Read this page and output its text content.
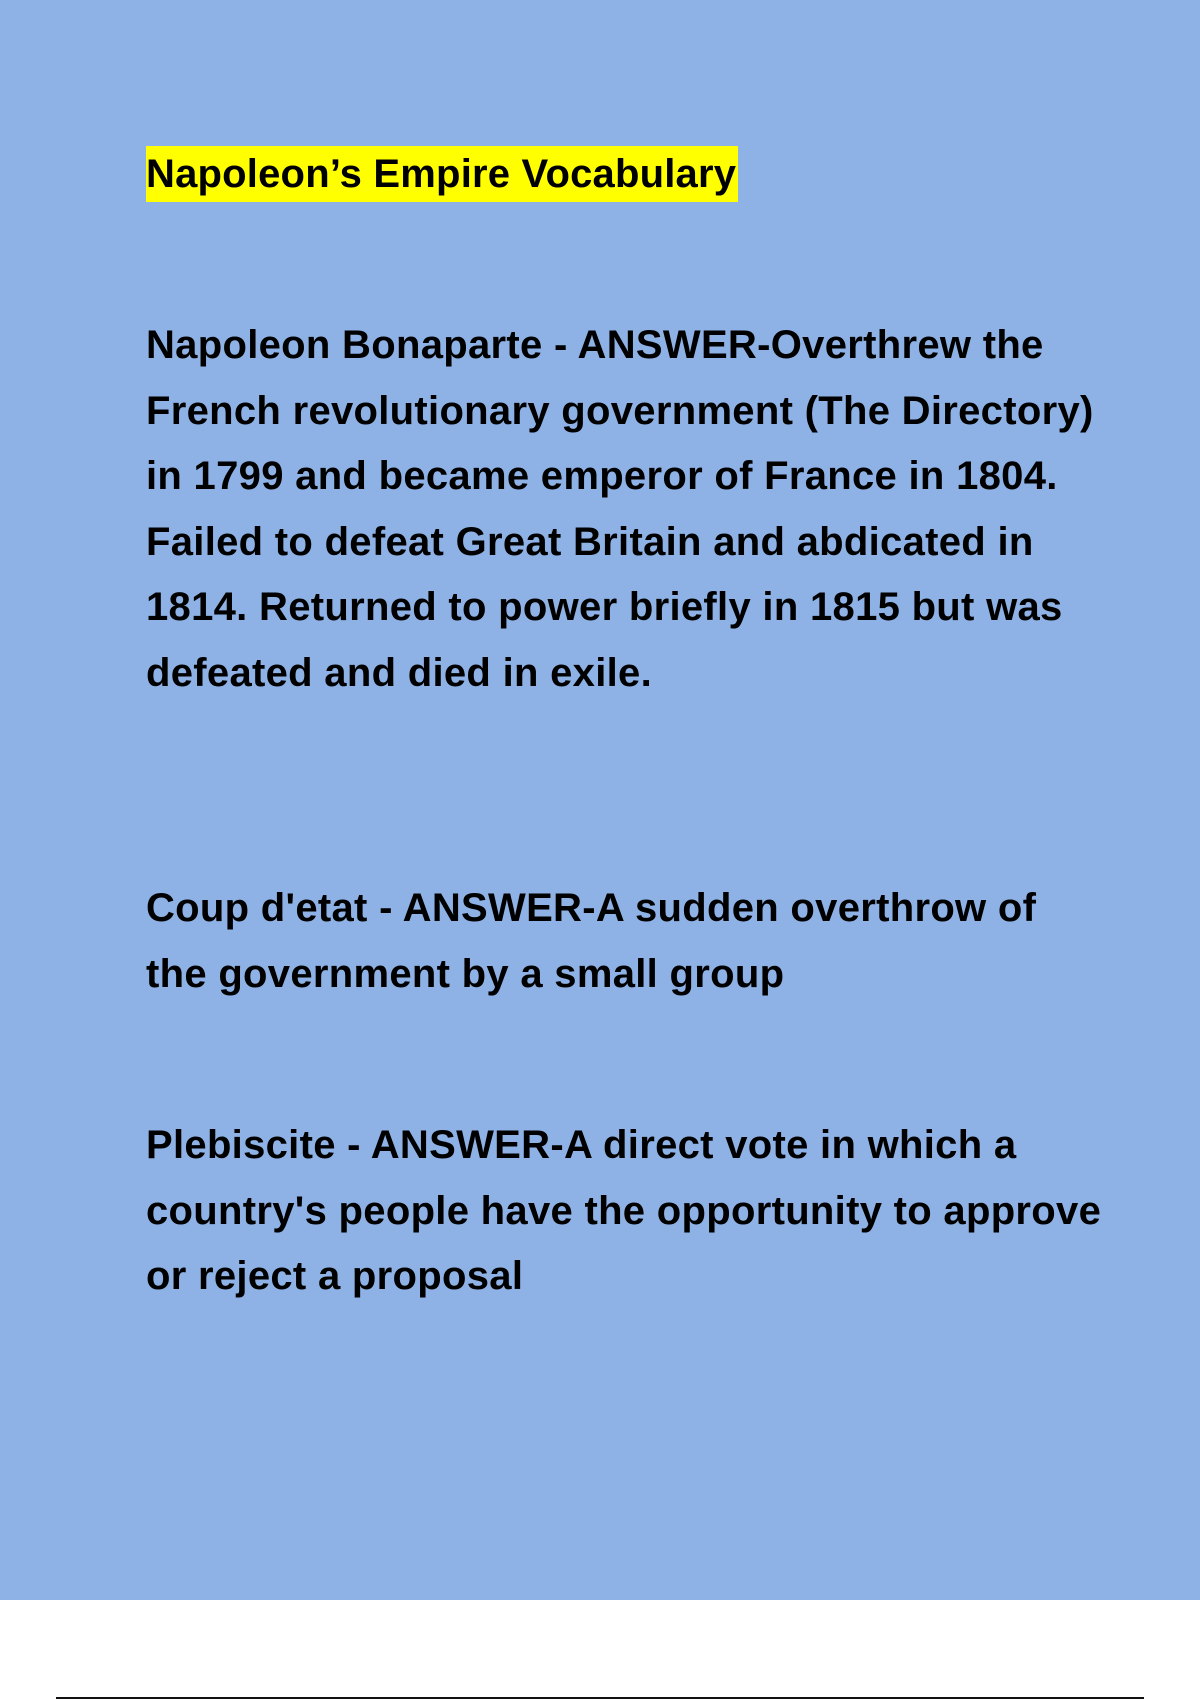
Napoleon’s Empire Vocabulary

Napoleon Bonaparte - ANSWER - Overthrew the French revolutionary government (The Directory) in 1799 and became emperor of France in 1804. Failed to defeat Great Britain and abdicated in 1814. Returned to power briefly in 1815 but was defeated and died in exile.

Coup d'etat - ANSWER - A sudden overthrow of the government by a small group

Plebiscite - ANSWER - A direct vote in which a country's people have the opportunity to approve or reject a proposal
